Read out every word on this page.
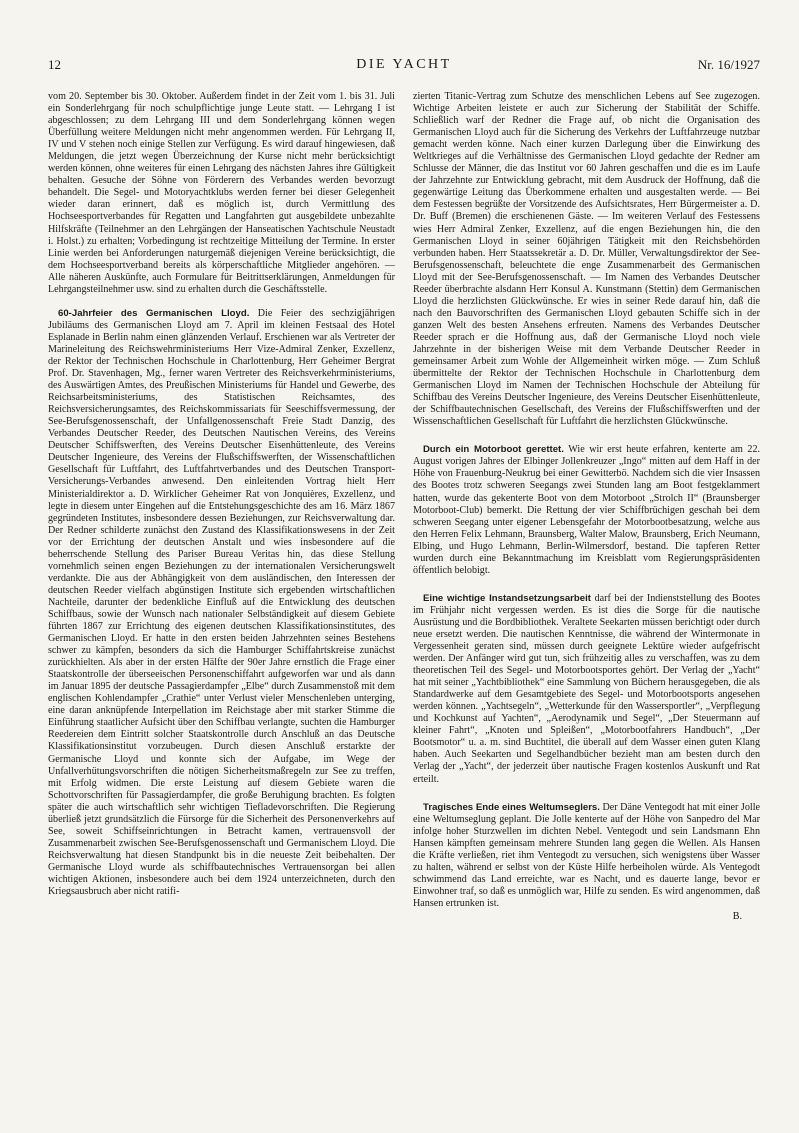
12	DIE YACHT	Nr. 16/1927

vom 20. September bis 30. Oktober. Außerdem findet in der Zeit vom 1. bis 31. Juli ein Sonderlehrgang für noch schulpflichtige junge Leute statt. — Lehrgang I ist abgeschlossen; zu dem Lehrgang III und dem Sonderlehrgang können wegen Überfüllung weitere Meldungen nicht mehr angenommen werden. Für Lehrgang II, IV und V stehen noch einige Stellen zur Verfügung. Es wird darauf hingewiesen, daß Meldungen, die jetzt wegen Überzeichnung der Kurse nicht mehr berücksichtigt werden können, ohne weiteres für einen Lehrgang des nächsten Jahres ihre Gültigkeit behalten. Gesuche der Söhne von Förderern des Verbandes werden bevorzugt behandelt. Die Segel- und Motoryachtklubs werden ferner bei dieser Gelegenheit wieder daran erinnert, daß es möglich ist, durch Vermittlung des Hochseesportverbandes für Regatten und Langfahrten gut ausgebildete unbezahlte Hilfskräfte (Teilnehmer an den Lehrgängen der Hanseatischen Yachtschule Neustadt i. Holst.) zu erhalten; Vorbedingung ist rechtzeitige Mitteilung der Termine. In erster Linie werden bei Anforderungen naturgemäß diejenigen Vereine berücksichtigt, die dem Hochseesportverband bereits als körperschaftliche Mitglieder angehören. — Alle näheren Auskünfte, auch Formulare für Beitrittserklärungen, Anmeldungen für Lehrgangsteilnehmer usw. sind zu erhalten durch die Geschäftsstelle.

60-Jahrfeier des Germanischen Lloyd. Die Feier des sechzigjährigen Jubiläums des Germanischen Lloyd am 7. April im kleinen Festsaal des Hotel Esplanade in Berlin nahm einen glänzenden Verlauf. Erschienen war als Vertreter der Marineleitung des Reichswehrministeriums Herr Vize-Admiral Zenker, Exzellenz, der Rektor der Technischen Hochschule in Charlottenburg, Herr Geheimer Bergrat Prof. Dr. Stavenhagen, Mg., ferner waren Vertreter des Reichsverkehrministeriums, des Auswärtigen Amtes, des Preußischen Ministeriums für Handel und Gewerbe, des Reichsarbeitsministeriums, des Statistischen Reichsamtes, des Reichsversicherungsamtes, des Reichskommissariats für Seeschiffsvermessung, der See-Berufsgenossenschaft, der Unfallgenossenschaft Freie Stadt Danzig, des Verbandes Deutscher Reeder, des Deutschen Nautischen Vereins, des Vereins Deutscher Schiffswerften, des Vereins Deutscher Eisenhüttenleute, des Vereins Deutscher Ingenieure, des Vereins der Flußschiffswerften, der Wissenschaftlichen Gesellschaft für Luftfahrt, des Luftfahrtverbandes und des Deutschen Transport-Versicherungs-Verbandes anwesend. Den einleitenden Vortrag hielt Herr Ministerialdirektor a. D. Wirklicher Geheimer Rat von Jonquières, Exzellenz, und legte in diesem unter Eingehen auf die Entstehungsgeschichte des am 16. März 1867 gegründeten Institutes, insbesondere dessen Beziehungen, zur Reichsverwaltung dar. Der Redner schilderte zunächst den Zustand des Klassifikationswesens in der Zeit vor der Errichtung der deutschen Anstalt und wies insbesondere auf die beherrschende Stellung des Pariser Bureau Veritas hin, das diese Stellung vornehmlich seinen engen Beziehungen zu der internationalen Versicherungswelt verdankte. Die aus der Abhängigkeit von dem ausländischen, den Interessen der deutschen Reeder vielfach abgünstigen Institute sich ergebenden wirtschaftlichen Nachteile, darunter der bedenkliche Einfluß auf die Entwicklung des deutschen Schiffbaus, sowie der Wunsch nach nationaler Selbständigkeit auf diesem Gebiete führten 1867 zur Errichtung des eigenen deutschen Klassifikationsinstitutes, des Germanischen Lloyd. Er hatte in den ersten beiden Jahrzehnten seines Bestehens schwer zu kämpfen, besonders da sich die Hamburger Schiffahrtskreise zunächst zurückhielten. Als aber in der ersten Hälfte der 90er Jahre ernstlich die Frage einer Staatskontrolle der überseeischen Personenschiffahrt aufgeworfen war und als dann im Januar 1895 der deutsche Passagierdampfer „Elbe“ durch Zusammenstoß mit dem englischen Kohlendampfer „Crathie“ unter Verlust vieler Menschenleben unterging, eine daran anknüpfende Interpellation im Reichstage aber mit starker Stimme die Einführung staatlicher Aufsicht über den Schiffbau verlangte, suchten die Hamburger Reedereien dem Eintritt solcher Staatskontrolle durch Anschluß an das Deutsche Klassifikationsinstitut vorzubeugen. Durch diesen Anschluß erstarkte der Germanische Lloyd und konnte sich der Aufgabe, im Wege der Unfallverhütungsvorschriften die nötigen Sicherheitsmaßregeln zur See zu treffen, mit Erfolg widmen. Die erste Leistung auf diesem Gebiete waren die Schottvorschriften für Passagierdampfer, die große Beruhigung brachten. Es folgten später die auch wirtschaftlich sehr wichtigen Tiefladevorschriften. Die Regierung überließ jetzt grundsätzlich die Fürsorge für die Sicherheit des Personenverkehrs auf See, soweit Schiffseinrichtungen in Betracht kamen, vertrauensvoll der Zusammenarbeit zwischen See-Berufsgenossenschaft und Germanischem Lloyd. Die Reichsverwaltung hat diesen Standpunkt bis in die neueste Zeit beibehalten. Der Germanische Lloyd wurde als schiffbautechnisches Vertrauensorgan bei allen wichtigen Aktionen, insbesondere auch bei dem 1924 unterzeichneten, durch den Kriegsausbruch aber nicht ratifi-

zierten Titanic-Vertrag zum Schutze des menschlichen Lebens auf See zugezogen. Wichtige Arbeiten leistete er auch zur Sicherung der Stabilität der Schiffe. Schließlich warf der Redner die Frage auf, ob nicht die Organisation des Germanischen Lloyd auch für die Sicherung des Verkehrs der Luftfahrzeuge nutzbar gemacht werden könne. Nach einer kurzen Darlegung über die Einwirkung des Weltkrieges auf die Verhältnisse des Germanischen Lloyd gedachte der Redner am Schlusse der Männer, die das Institut vor 60 Jahren geschaffen und die es im Laufe der Jahrzehnte zur Entwicklung gebracht, mit dem Ausdruck der Hoffnung, daß die gegenwärtige Leitung das Überkommene erhalten und ausgestalten werde. — Bei dem Festessen begrüßte der Vorsitzende des Aufsichtsrates, Herr Bürgermeister a. D. Dr. Buff (Bremen) die erschienenen Gäste. — Im weiteren Verlauf des Festessens wies Herr Admiral Zenker, Exzellenz, auf die engen Beziehungen hin, die den Germanischen Lloyd in seiner 60jährigen Tätigkeit mit den Reichsbehörden verbunden haben. Herr Staatssekretär a. D. Dr. Müller, Verwaltungsdirektor der See-Berufsgenossenschaft, beleuchtete die enge Zusammenarbeit des Germanischen Lloyd mit der See-Berufsgenossenschaft. — Im Namen des Verbandes Deutscher Reeder überbrachte alsdann Herr Konsul A. Kunstmann (Stettin) dem Germanischen Lloyd die herzlichsten Glückwünsche. Er wies in seiner Rede darauf hin, daß die nach den Bauvorschriften des Germanischen Lloyd gebauten Schiffe sich in der ganzen Welt des besten Ansehens erfreuten. Namens des Verbandes Deutscher Reeder sprach er die Hoffnung aus, daß der Germanische Lloyd noch viele Jahrzehnte in der bisherigen Weise mit dem Verbande Deutscher Reeder in gemeinsamer Arbeit zum Wohle der Allgemeinheit wirken möge. — Zum Schluß übermittelte der Rektor der Technischen Hochschule in Charlottenburg dem Germanischen Lloyd im Namen der Technischen Hochschule der Abteilung für Schiffbau des Vereins Deutscher Ingenieure, des Vereins Deutscher Eisenhüttenleute, der Schiffbautechnischen Gesellschaft, des Vereins der Flußschiffswerften und der Wissenschaftlichen Gesellschaft für Luftfahrt die herzlichsten Glückwünsche.

Durch ein Motorboot gerettet. Wie wir erst heute erfahren, kenterte am 22. August vorigen Jahres der Elbinger Jollenkreuzer „Ingo“ mitten auf dem Haff in der Höhe von Frauenburg-Neukrug bei einer Gewitterbö. Nachdem sich die vier Insassen des Bootes trotz schweren Seegangs zwei Stunden lang am Boot festgeklammert hatten, wurde das gekenterte Boot von dem Motorboot „Strolch II“ (Braunsberger Motorboot-Club) bemerkt. Die Rettung der vier Schiffbrüchigen geschah bei dem schweren Seegang unter eigener Lebensgefahr der Motorbootbesatzung, welche aus den Herren Felix Lehmann, Braunsberg, Walter Malow, Braunsberg, Erich Neumann, Elbing, und Hugo Lehmann, Berlin-Wilmersdorf, bestand. Die tapferen Retter wurden durch eine Bekanntmachung im Kreisblatt vom Regierungspräsidenten öffentlich belobigt.

Eine wichtige Instandsetzungsarbeit darf bei der Indienststellung des Bootes im Frühjahr nicht vergessen werden. Es ist dies die Sorge für die nautische Ausrüstung und die Bordbibliothek. Veraltete Seekarten müssen berichtigt oder durch neue ersetzt werden. Die nautischen Kenntnisse, die während der Wintermonate in Vergessenheit geraten sind, müssen durch geeignete Lektüre wieder aufgefrischt werden. Der Anfänger wird gut tun, sich frühzeitig alles zu verschaffen, was zu dem theoretischen Teil des Segel- und Motorbootsportes gehört. Der Verlag der „Yacht“ hat mit seiner „Yachtbibliothek“ eine Sammlung von Büchern herausgegeben, die als Standardwerke auf dem Gesamtgebiete des Segel- und Motorbootsports angesehen werden können. „Yachtsegeln“, „Wetterkunde für den Wassersportler“, „Verpflegung und Kochkunst auf Yachten“, „Aerodynamik und Segel“, „Der Steuermann auf kleiner Fahrt“, „Knoten und Spleißen“, „Motorbootfahrers Handbuch“, „Der Bootsmotor“ u. a. m. sind Buchtitel, die überall auf dem Wasser einen guten Klang haben. Auch Seekarten und Segelhandbücher bezieht man am besten durch den Verlag der „Yacht“, der jederzeit über nautische Fragen kostenlos Auskunft und Rat erteilt.

Tragisches Ende eines Weltumseglers. Der Däne Ventegodt hat mit einer Jolle eine Weltumseglung geplant. Die Jolle kenterte auf der Höhe von Sanpedro del Mar infolge hoher Sturzwellen im dichten Nebel. Ventegodt und sein Landsmann Ehn Hansen kämpften gemeinsam mehrere Stunden lang gegen die Wellen. Als Hansen die Kräfte verließen, riet ihm Ventegodt zu versuchen, sich wenigstens über Wasser zu halten, während er selbst von der Küste Hilfe herbeiholen würde. Als Ventegodt schwimmend das Land erreichte, war es Nacht, und es dauerte lange, bevor er Einwohner traf, so daß es unmöglich war, Hilfe zu senden. Es wird angenommen, daß Hansen ertrunken ist.

B.
